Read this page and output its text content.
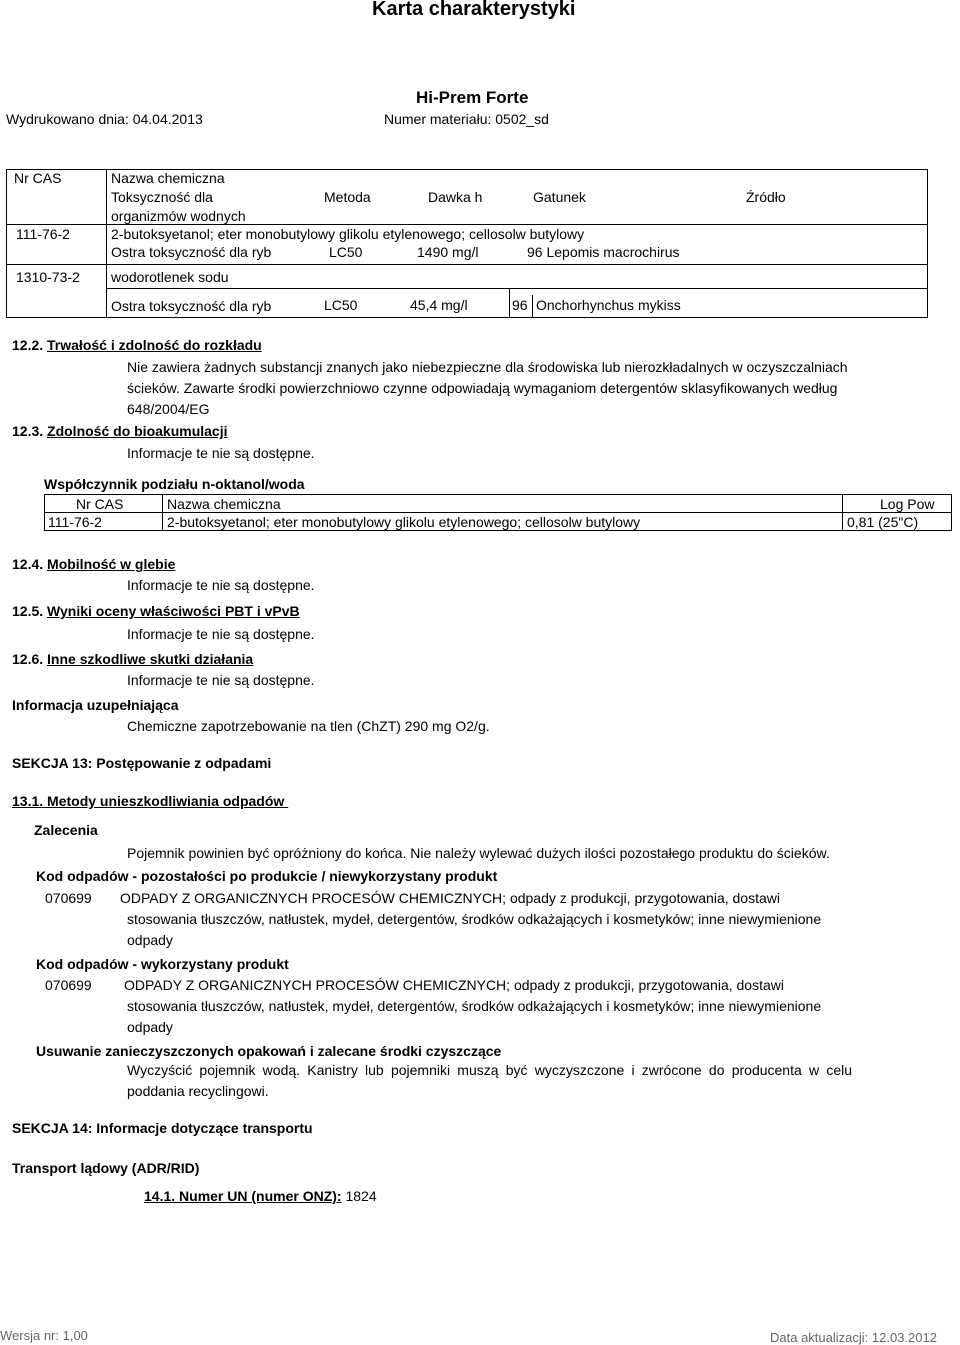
Karta charakterystyki
Hi-Prem Forte
Wydrukowano dnia: 04.04.2013	Numer materiału: 0502_sd
Nr CAS	Nazwa chemiczna
Toksyczność dla
organizmów wodnych
Metoda	Dawka h	Gatunek	Źródło
111-76-2	2-butoksyetanol; eter monobutylowy glikolu etylenowego; cellosolw butylowy
Ostra toksyczność dla ryb	LC50	1490 mg/l	96 Lepomis macrochirus
1310-73-2 wodorotlenek sodu
Ostra toksyczność dla ryb	LC50	45,4 mg/l	96 Onchorhynchus mykiss
12.2. Trwałość i zdolność do rozkładu
Nie zawiera żadnych substancji znanych jako niebezpieczne dla środowiska lub nierozkładalnych w oczyszczalniach ścieków. Zawarte środki powierzchniowo czynne odpowiadają wymaganiom detergentów sklasyfikowanych według 648/2004/EG
12.3. Zdolność do bioakumulacji
Informacje te nie są dostępne.
Współczynnik podziału n-oktanol/woda
Nr CAS	Nazwa chemiczna	Log Pow
111-76-2	2-butoksyetanol; eter monobutylowy glikolu etylenowego; cellosolw butylowy	0,81 (25"C)
12.4. Mobilność w glebie
Informacje te nie są dostępne.
12.5. Wyniki oceny właściwości PBT i vPvB
Informacje te nie są dostępne.
12.6. Inne szkodliwe skutki działania
Informacje te nie są dostępne.
Informacja uzupełniająca
Chemiczne zapotrzebowanie na tlen (ChZT) 290 mg O2/g.
SEKCJA 13: Postępowanie z odpadami
13.1. Metody unieszkodliwiania odpadów
Zalecenia
Pojemnik powinien być opróżniony do końca. Nie należy wylewać dużych ilości pozostałego produktu do ścieków.
Kod odpadów - pozostałości po produkcie / niewykorzystany produkt
070699 ODPADY Z ORGANICZNYCH PROCESÓW CHEMICZNYCH; odpady z produkcji, przygotowania, dostawi stosowania tłuszczów, natłustek, mydeł, detergentów, środków odkażających i kosmetyków; inne niewymienione odpady
Kod odpadów - wykorzystany produkt
070699 ODPADY Z ORGANICZNYCH PROCESÓW CHEMICZNYCH; odpady z produkcji, przygotowania, dostawi stosowania tłuszczów, natłustek, mydeł, detergentów, środków odkażających i kosmetyków; inne niewymienione odpady
Usuwanie zanieczyszczonych opakowań i zalecane środki czyszczące
Wyczyścić pojemnik wodą. Kanistry lub pojemniki muszą być wyczyszczone i zwrócone do producenta w celu poddania recyclingowi.
SEKCJA 14: Informacje dotyczące transportu
Transport lądowy (ADR/RID)
14.1. Numer UN (numer ONZ): 1824
Wersja nr: 1,00	Data aktualizacji: 12.03.2012
